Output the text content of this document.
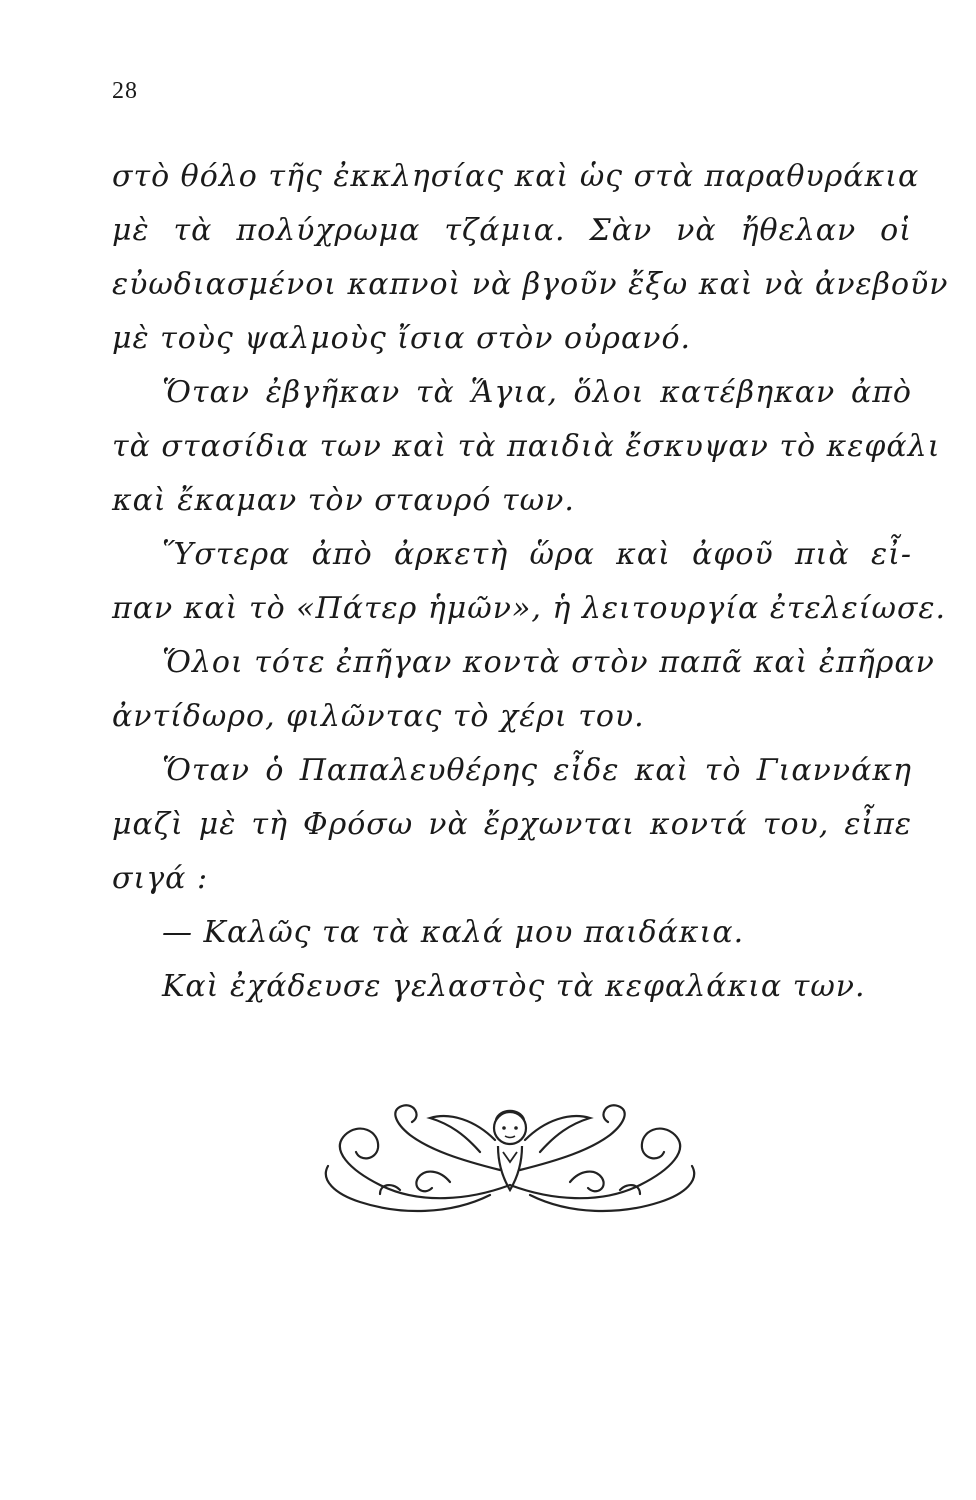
28
στὸ θόλο τῆς ἐκκλησίας καὶ ὡς στὰ παραθυράκια
μὲ τὰ πολύχρωμα τζάμια. Σὰν νὰ ἤθελαν οἱ
εὐωδιασμένοι καπνοὶ νὰ βγοῦν ἔξω καὶ νὰ ἀνεβοῦν
μὲ τοὺς ψαλμοὺς ἴσια στὸν οὐρανό.
Ὅταν ἐβγῆκαν τὰ Ἅγια, ὅλοι κατέβηκαν ἀπὸ
τὰ στασίδια των καὶ τὰ παιδιὰ ἔσκυψαν τὸ κεφάλι
καὶ ἔκαμαν τὸν σταυρό των.
Ὕστερα ἀπὸ ἀρκετὴ ὥρα καὶ ἀφοῦ πιὰ εἶ-
παν καὶ τὸ «Πάτερ ἡμῶν», ἡ λειτουργία ἐτελείωσε.
Ὅλοι τότε ἐπῆγαν κοντὰ στὸν παπᾶ καὶ ἐπῆραν
ἀντίδωρο, φιλῶντας τὸ χέρι του.
Ὅταν ὁ Παπαλευθέρης εἶδε καὶ τὸ Γιαννάκη
μαζὶ μὲ τὴ Φρόσω νὰ ἔρχωνται κοντά του, εἶπε
σιγά :
— Καλῶς τα τὰ καλά μου παιδάκια.
Καὶ ἐχάδευσε γελαστὸς τὰ κεφαλάκια των.
